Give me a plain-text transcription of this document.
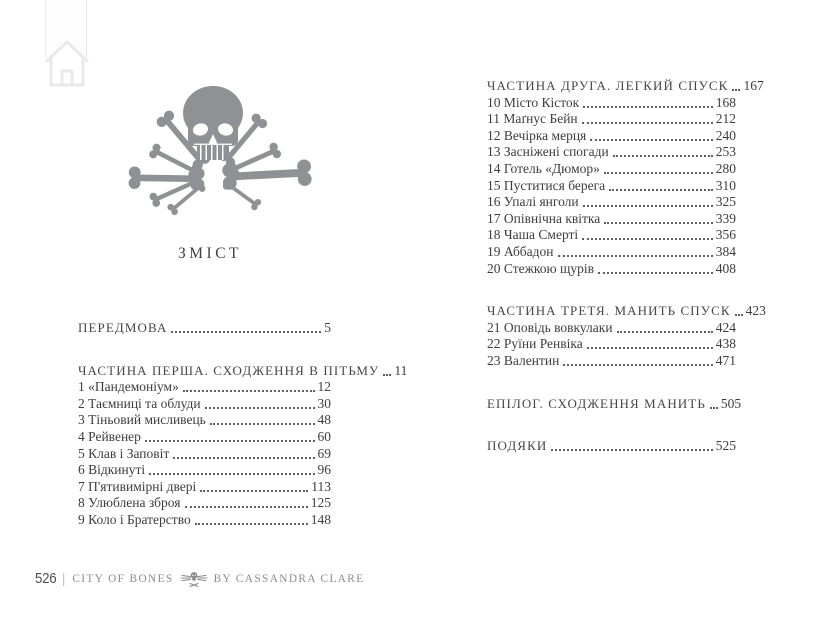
ЗМІСТ
ПЕРЕДМОВА	5
ЧАСТИНА ПЕРША. СХОДЖЕННЯ В ПІТЬМУ 11
1 «Пандемоніум»	12
2 Таємниці та облуди	30
3 Тіньовий мисливець	48
4 Рейвенер	60
5 Клав і Заповіт	69
6 Відкинуті	96
7 П'ятивимірні двері	113
8 Улюблена зброя	125
9 Коло і Братерство	148
ЧАСТИНА ДРУГА. ЛЕГКИЙ СПУСК 167
10 Місто Кісток	168
11 Маґнус Бейн	212
12 Вечірка мерця	240
13 Засніжені спогади	253
14 Готель «Дюмор»	280
15 Пуститися берега	310
16 Упалі янголи	325
17 Опівнічна квітка	339
18 Чаша Смерті	356
19 Аббадон	384
20 Стежкою щурів	408
ЧАСТИНА ТРЕТЯ. МАНИТЬ СПУСК 423
21 Оповідь вовкулаки	424
22 Руїни Ренвіка	438
23 Валентин	471
ЕПІЛОГ. СХОДЖЕННЯ МАНИТЬ 505
ПОДЯКИ	525
526 | CITY OF BONES	BY CASSANDRA CLARE
